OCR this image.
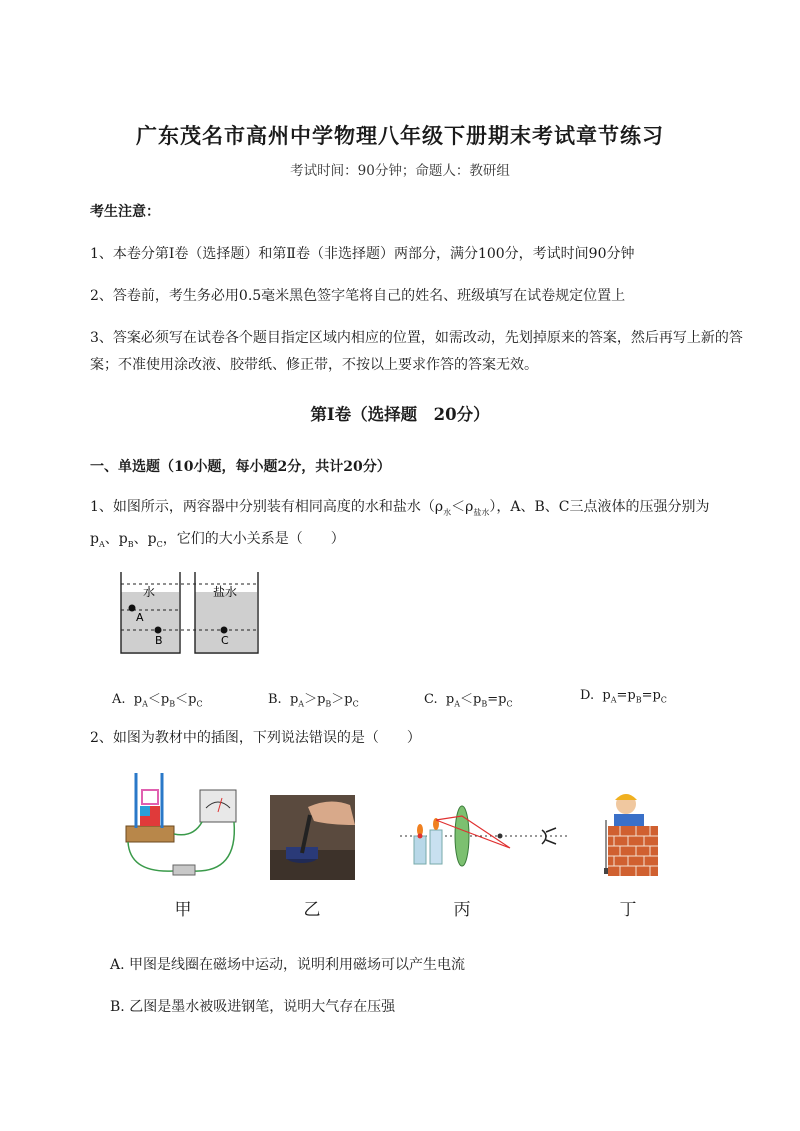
广东茂名市高州中学物理八年级下册期末考试章节练习
考试时间：90分钟；命题人：教研组
考生注意：
1、本卷分第I卷（选择题）和第Ⅱ卷（非选择题）两部分，满分100分，考试时间90分钟
2、答卷前，考生务必用0.5毫米黑色签字笔将自己的姓名、班级填写在试卷规定位置上
3、答案必须写在试卷各个题目指定区域内相应的位置，如需改动，先划掉原来的答案，然后再写上新的答案；不准使用涂改液、胶带纸、修正带，不按以上要求作答的答案无效。
第I卷（选择题　20分）
一、单选题（10小题，每小题2分，共计20分）
1、如图所示，两容器中分别装有相同高度的水和盐水$(\rho_水<\rho_{盐水})$，A、B、C三点液体的压强分别为
$p_A$、$p_B$、$p_C$，它们的大小关系是（　　）
水	盐水
A
B	C
A. $p_A<p_B<p_C$	B. $p_A>p_B>p_C$	C. $p_A<p_B=p_C$
D. $p_A=p_B=p_C$
2、如图为教材中的插图，下列说法错误的是（　　）
甲	乙	丙	丁
A. 甲图是线圈在磁场中运动，说明利用磁场可以产生电流
B. 乙图是墨水被吸进钢笔，说明大气存在压强
